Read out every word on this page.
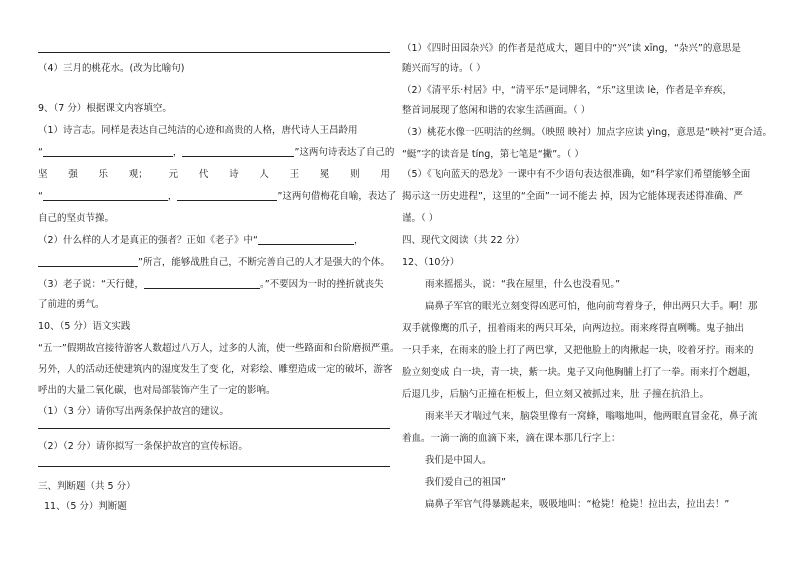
（4）三月的桃花水。(改为比喻句)
9、（7 分）根据课文内容填空。
（1）诗言志。同样是表达自己纯洁的心迹和高贵的人格，唐代诗人王昌龄用
“	，	”这两句诗表达了自己的
坚 强 乐 观； 元 代 诗 人 王 冕 则 用
“	，	”这两句借梅花自喻，表达了
自己的坚贞节操。
（2）什么样的人才是真正的强者？正如《老子》中“	，
”所言，能够战胜自己，不断完善自己的人才是强大的个体。
（3）老子说：“天行健，	。”不要因为一时的挫折就丧失
了前进的勇气。
10、（5 分）语文实践
“五一”假期故宫接待游客人数超过八万人，过多的人流，使一些路面和台阶磨损严重。
另外，人的活动还使建筑内的湿度发生了变 化，对彩绘、雕塑造成一定的破坏，游客
呼出的大量二氧化碳，也对局部装饰产生了一定的影响。
（1）（3 分）请你写出两条保护故宫的建议。
（2）（2 分）请你拟写一条保护故宫的宣传标语。
三、判断题（共 5 分）
11、（5 分）判断题
（1）《四时田园杂兴》的作者是范成大，题目中的“兴”读 xīng，“杂兴”的意思是
随兴而写的诗。（ ）
（2）《清平乐·村居》中，“清平乐”是词牌名，“乐”这里读 lè，作者是辛弃疾，
整首词展现了悠闲和谐的农家生活画面。（ ）
（3）桃花水像一匹明洁的丝绸。（映照 映衬）加点字应读 yìng，意思是“映衬”更合适。
“蜓”字的读音是 tíng，第七笔是“撇”。（ ）
（5）《飞向蓝天的恐龙》一课中有不少语句表达很准确，如“科学家们希望能够全面
揭示这一历史进程”，这里的“全面”一词不能去 掉，因为它能体现表述得准确、严
谨。（ ）
四、现代文阅读（共 22 分）
12、（10分）
雨来摇摇头，说：“我在屋里，什么也没看见。”
扁鼻子军官的眼光立刻变得凶恶可怕，他向前弯着身子，伸出两只大手。啊！那
双手就像鹰的爪子，扭着雨来的两只耳朵，向两边拉。雨来疼得直咧嘴。鬼子抽出
一只手来，在雨来的脸上打了两巴掌，又把他脸上的肉揪起一块，咬着牙拧。雨来的
脸立刻变成 白一块，青一块，紫一块。鬼子又向他胸脯上打了一拳。雨来打个趔趄，
后退几步，后脑勺正撞在柜板上，但立刻又被抓过来，肚 子撞在抗沿上。
雨来半天才喘过气来，脑袋里像有一窝蜂，嗡嗡地叫，他两眼直冒金花，鼻子流
着血。一滴一滴的血滴下来，滴在课本那几行字上：
我们是中国人。
我们爱自己的祖国”
扁鼻子军官气得暴跳起来，吸吸地叫：“枪毙！枪毙！拉出去，拉出去！”
